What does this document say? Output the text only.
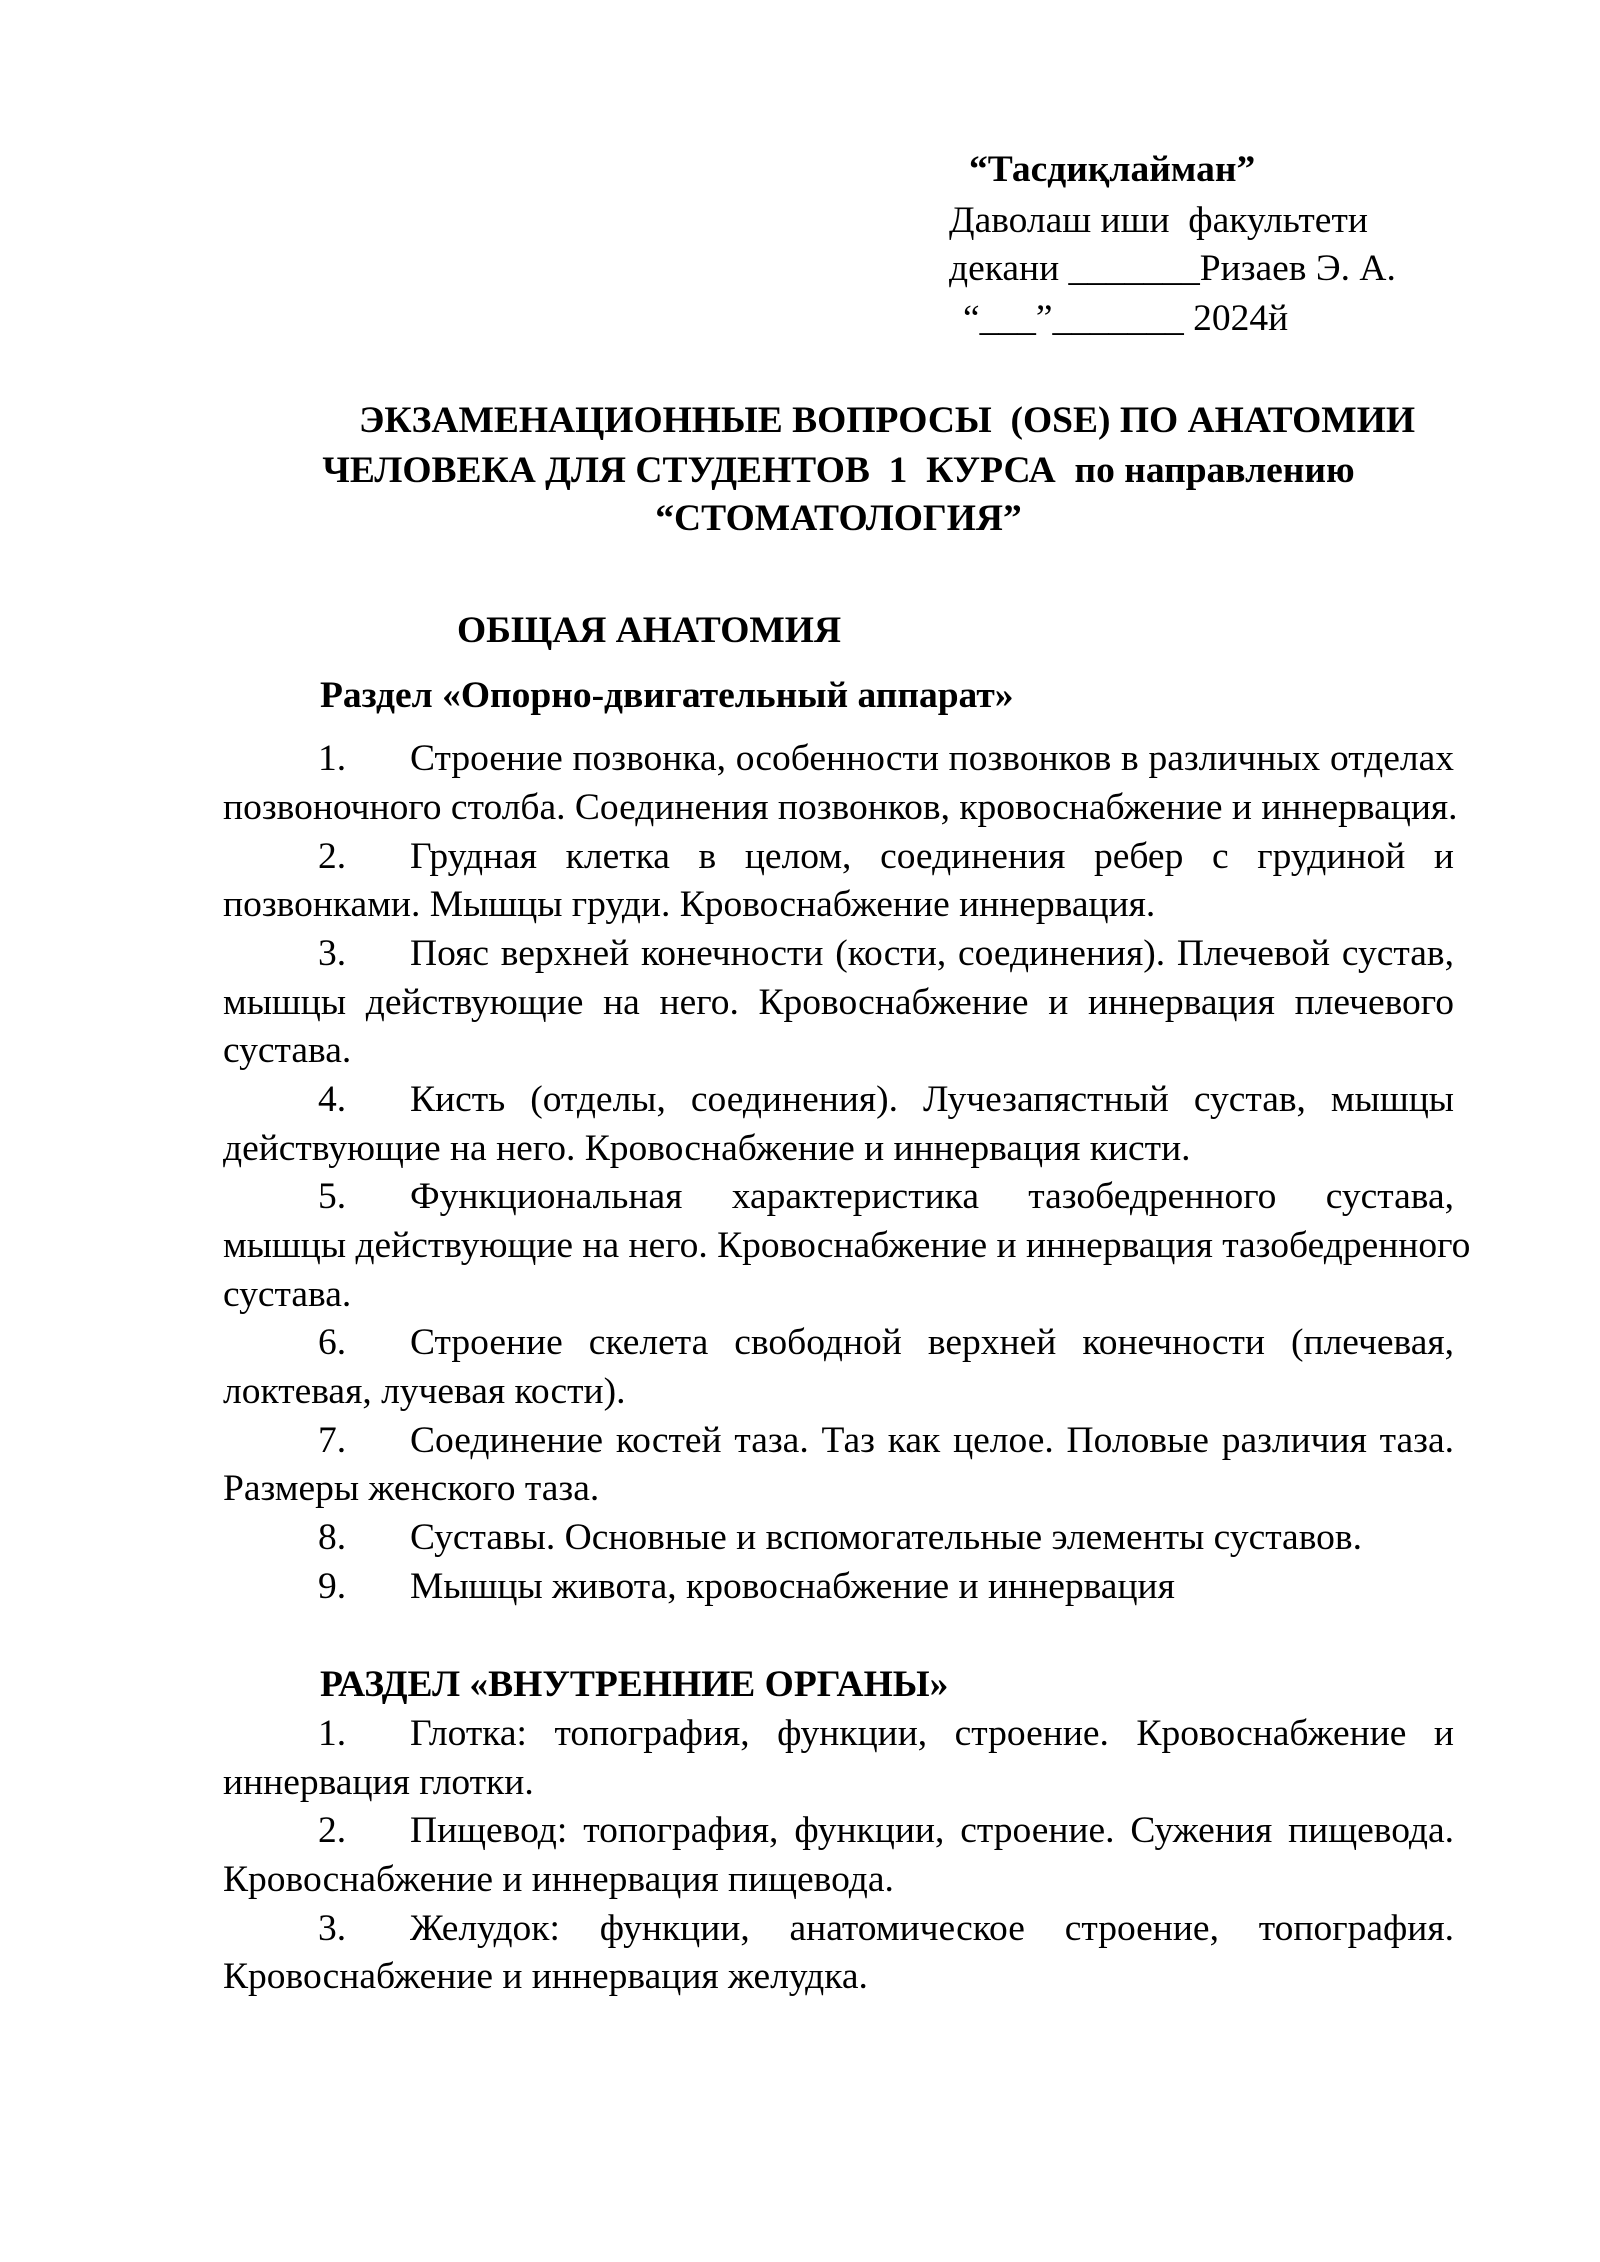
“Тасдиқлайман”
Даволаш иши  факультети
декани _______Ризаев Э. А.
“___”_______ 2024й
ЭКЗАМЕНАЦИОННЫЕ ВОПРОСЫ  (OSE) ПО АНАТОМИИ
ЧЕЛОВЕКА ДЛЯ СТУДЕНТОВ  1  КУРСА  по направлению
“СТОМАТОЛОГИЯ”
ОБЩАЯ АНАТОМИЯ
Раздел «Опорно-двигательный аппарат»
1. Строение позвонка, особенности позвонков в различных отделах
позвоночного столба. Соединения позвонков, кровоснабжение и иннервация.
2. Грудная клетка в целом, соединения ребер с грудиной и
позвонками. Мышцы груди. Кровоснабжение иннервация.
3. Пояс верхней конечности (кости, соединения). Плечевой сустав,
мышцы действующие на него. Кровоснабжение и иннервация плечевого
сустава.
4. Кисть (отделы, соединения). Лучезапястный сустав, мышцы
действующие на него. Кровоснабжение и иннервация кисти.
5. Функциональная характеристика тазобедренного сустава,
мышцы действующие на него. Кровоснабжение и иннервация тазобедренного
сустава.
6. Строение скелета свободной верхней конечности (плечевая,
локтевая, лучевая кости).
7. Соединение костей таза. Таз как целое. Половые различия таза.
Размеры женского таза.
8. Суставы. Основные и вспомогательные элементы суставов.
9. Мышцы живота, кровоснабжение и иннервация
РАЗДЕЛ «ВНУТРЕННИЕ ОРГАНЫ»
1. Глотка: топография, функции, строение. Кровоснабжение и
иннервация глотки.
2. Пищевод: топография, функции, строение. Сужения пищевода.
Кровоснабжение и иннервация пищевода.
3. Желудок: функции, анатомическое строение, топография.
Кровоснабжение и иннервация желудка.
